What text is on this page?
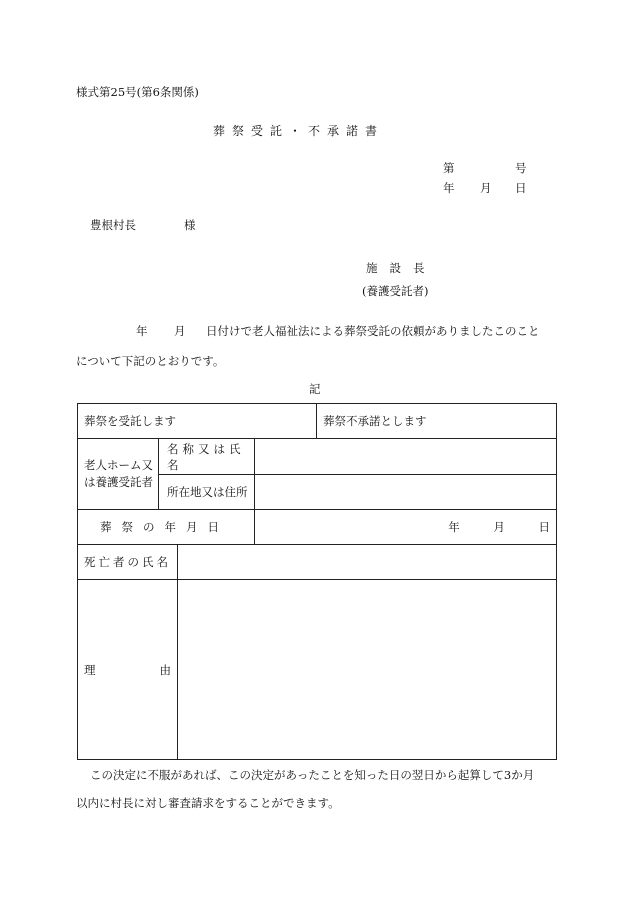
様式第25号(第6条関係)
葬祭受託・不承諾書
第	号
年 月 日
豊根村長	様
施 設 長
(養護受託者)
年 月 日付けで老人福祉法による葬祭受託の依頼がありましたこのこと
について下記のとおりです。
記
葬祭を受託します				葬祭不承諾とします
老人ホーム又は養護受託者	名称又は氏名			
	所在地又は住所			
葬祭の年月日			年 月 日	
死亡者の氏名				

理 由				

この決定に不服があれば、この決定があったことを知った日の翌日から起算して3か月
以内に村長に対し審査請求をすることができます。
